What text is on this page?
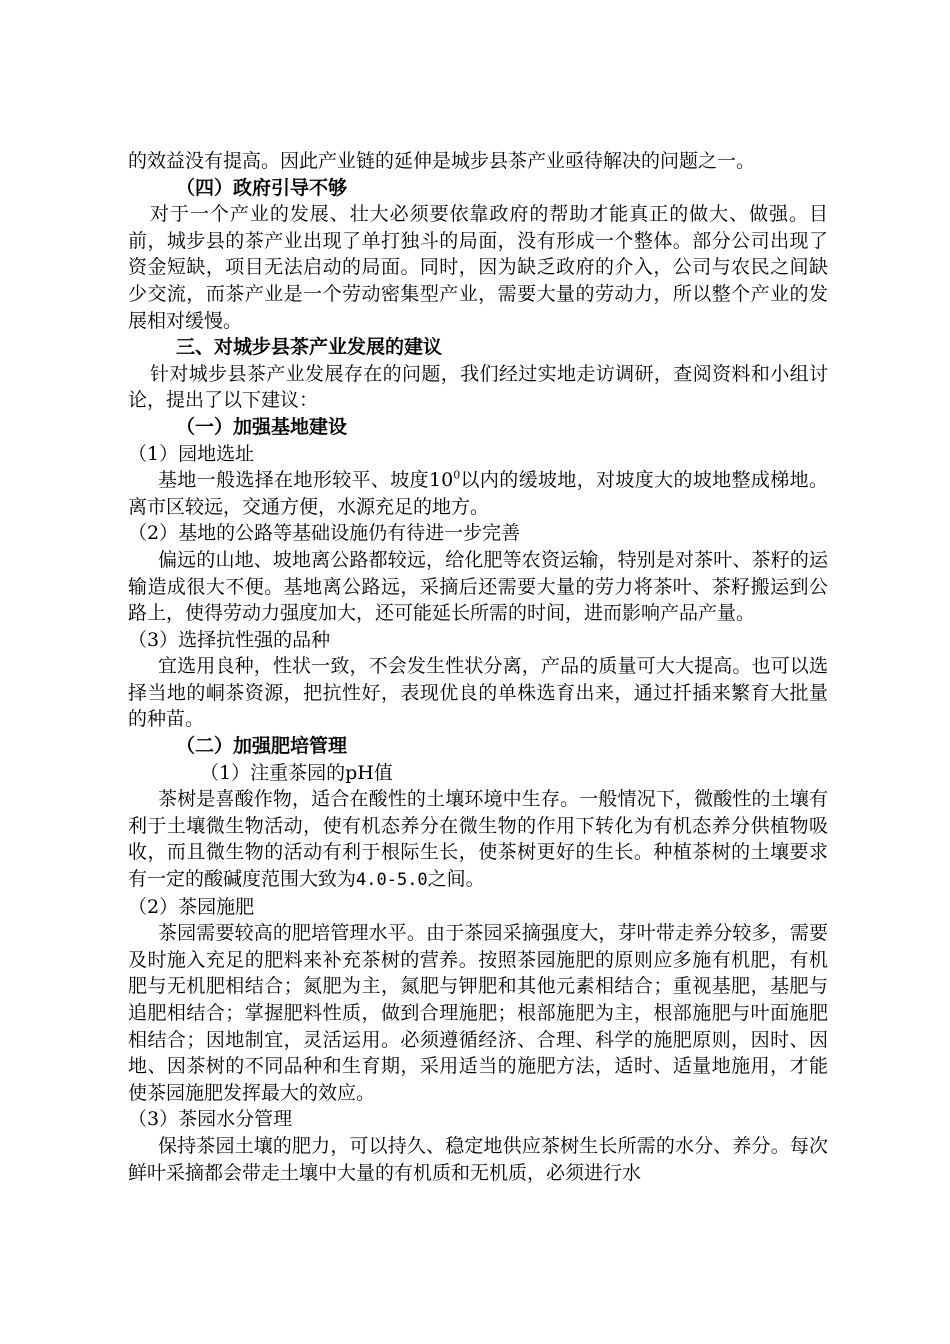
的效益没有提高。因此产业链的延伸是城步县茶产业亟待解决的问题之一。

（四）政府引导不够

对于一个产业的发展、壮大必须要依靠政府的帮助才能真正的做大、做强。目前，城步县的茶产业出现了单打独斗的局面，没有形成一个整体。部分公司出现了资金短缺，项目无法启动的局面。同时，因为缺乏政府的介入，公司与农民之间缺少交流，而茶产业是一个劳动密集型产业，需要大量的劳动力，所以整个产业的发展相对缓慢。

三、对城步县茶产业发展的建议

针对城步县茶产业发展存在的问题，我们经过实地走访调研，查阅资料和小组讨论，提出了以下建议：

（一）加强基地建设

（1）园地选址

基地一般选择在地形较平、坡度$10^0$以内的缓坡地，对坡度大的坡地整成梯地。离市区较远，交通方便，水源充足的地方。

（2）基地的公路等基础设施仍有待进一步完善

偏远的山地、坡地离公路都较远，给化肥等农资运输，特别是对茶叶、茶籽的运输造成很大不便。基地离公路远，采摘后还需要大量的劳力将茶叶、茶籽搬运到公路上，使得劳动力强度加大，还可能延长所需的时间，进而影响产品产量。

（3）选择抗性强的品种

宜选用良种，性状一致，不会发生性状分离，产品的质量可大大提高。也可以选择当地的峒茶资源，把抗性好，表现优良的单株选育出来，通过扦插来繁育大批量的种苗。

（二）加强肥培管理

（1）注重茶园的pH值

茶树是喜酸作物，适合在酸性的土壤环境中生存。一般情况下，微酸性的土壤有利于土壤微生物活动，使有机态养分在微生物的作用下转化为有机态养分供植物吸收，而且微生物的活动有利于根际生长，使茶树更好的生长。种植茶树的土壤要求有一定的酸碱度范围大致为4.0-5.0之间。

（2）茶园施肥

茶园需要较高的肥培管理水平。由于茶园采摘强度大，芽叶带走养分较多，需要及时施入充足的肥料来补充茶树的营养。按照茶园施肥的原则应多施有机肥，有机肥与无机肥相结合；氮肥为主，氮肥与钾肥和其他元素相结合；重视基肥，基肥与追肥相结合；掌握肥料性质，做到合理施肥；根部施肥为主，根部施肥与叶面施肥相结合；因地制宜，灵活运用。必须遵循经济、合理、科学的施肥原则，因时、因地、因茶树的不同品种和生育期，采用适当的施肥方法，适时、适量地施用，才能使茶园施肥发挥最大的效应。

（3）茶园水分管理

保持茶园土壤的肥力，可以持久、稳定地供应茶树生长所需的水分、养分。每次鲜叶采摘都会带走土壤中大量的有机质和无机质，必须进行水
